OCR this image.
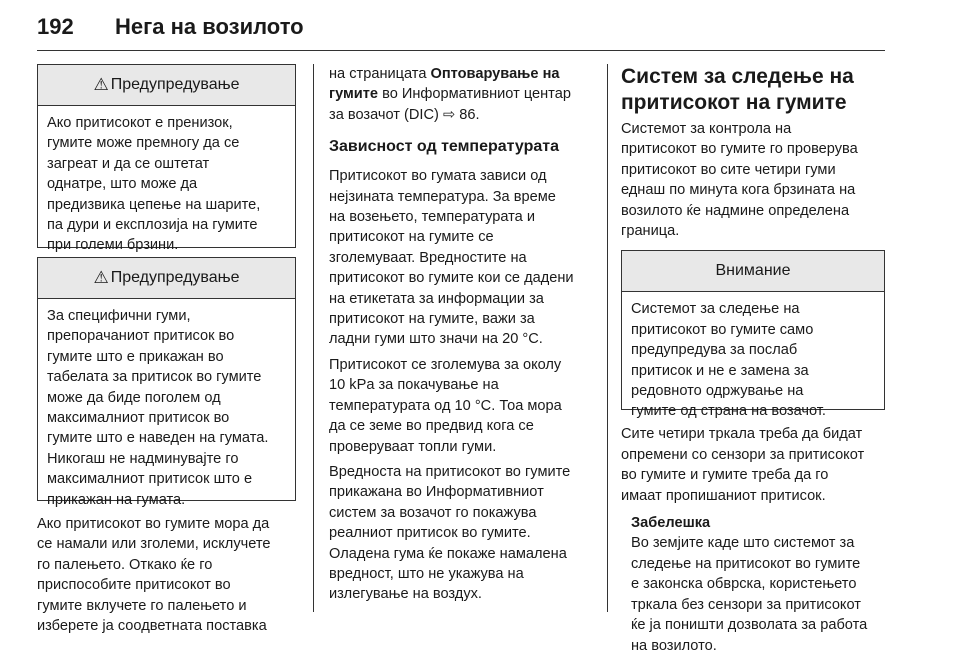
192 Нега на возилото
⚠ Предупредување

Ако притисокот е пренизок,

гумите може премногу да се

загреат и да се оштетат

однатре, што може да

предизвика цепење на шарите,

па дури и експлозија на гумите

при големи брзини.

⚠ Предупредување

За специфични гуми,

препорачаниот притисок во

гумите што е прикажан во

табелата за притисок во гумите

може да биде поголем од

максималниот притисок во

гумите што е наведен на гумата.

Никогаш не надминувајте го

максималниот притисок што е

прикажан на гумата.

Ако притисокот во гумите мора да

се намали или зголеми, исклучете

го палењето. Откако ќе го

приспособите притисокот во

гумите вклучете го палењето и

изберете ја соодветната поставка

на страницата Оптоварување на
гумите во Информативниот центар
за возачот (DIC) ⇨ 86.

Зависност од температурата

Притисокот во гумата зависи од

нејзината температура. За време

на возењето, температурата и

притисокот на гумите се

зголемуваат. Вредностите на

притисокот во гумите кои се дадени

на етикетата за информации за

притисокот на гумите, важи за

ладни гуми што значи на 20 °C.

Притисокот се зголемува за околу

10 kPa за покачување на

температурата од 10 °C. Тоа мора

да се земе во предвид кога се

проверуваат топли гуми.

Вредноста на притисокот во гумите

прикажана во Информативниот

систем за возачот го покажува

реалниот притисок во гумите.

Оладена гума ќе покаже намалена

вредност, што не укажува на

излегување на воздух.

Систем за следење на
притисокот на гумите

Системот за контрола на

притисокот во гумите го проверува

притисокот во сите четири гуми

еднаш по минута кога брзината на

возилото ќе надмине определена

граница.

Внимание

Системот за следење на

притисокот во гумите само

предупредува за послаб

притисок и не е замена за

редовното одржување на

гумите од страна на возачот.

Сите четири тркала треба да бидат

опремени со сензори за притисокот

во гумите и гумите треба да го

имаат пропишаниот притисок.

Забелешка

Во земјите каде што системот за

следење на притисокот во гумите

е законска обврска, користењето

тркала без сензори за притисокот

ќе ја поништи дозволата за работа

на возилото.
